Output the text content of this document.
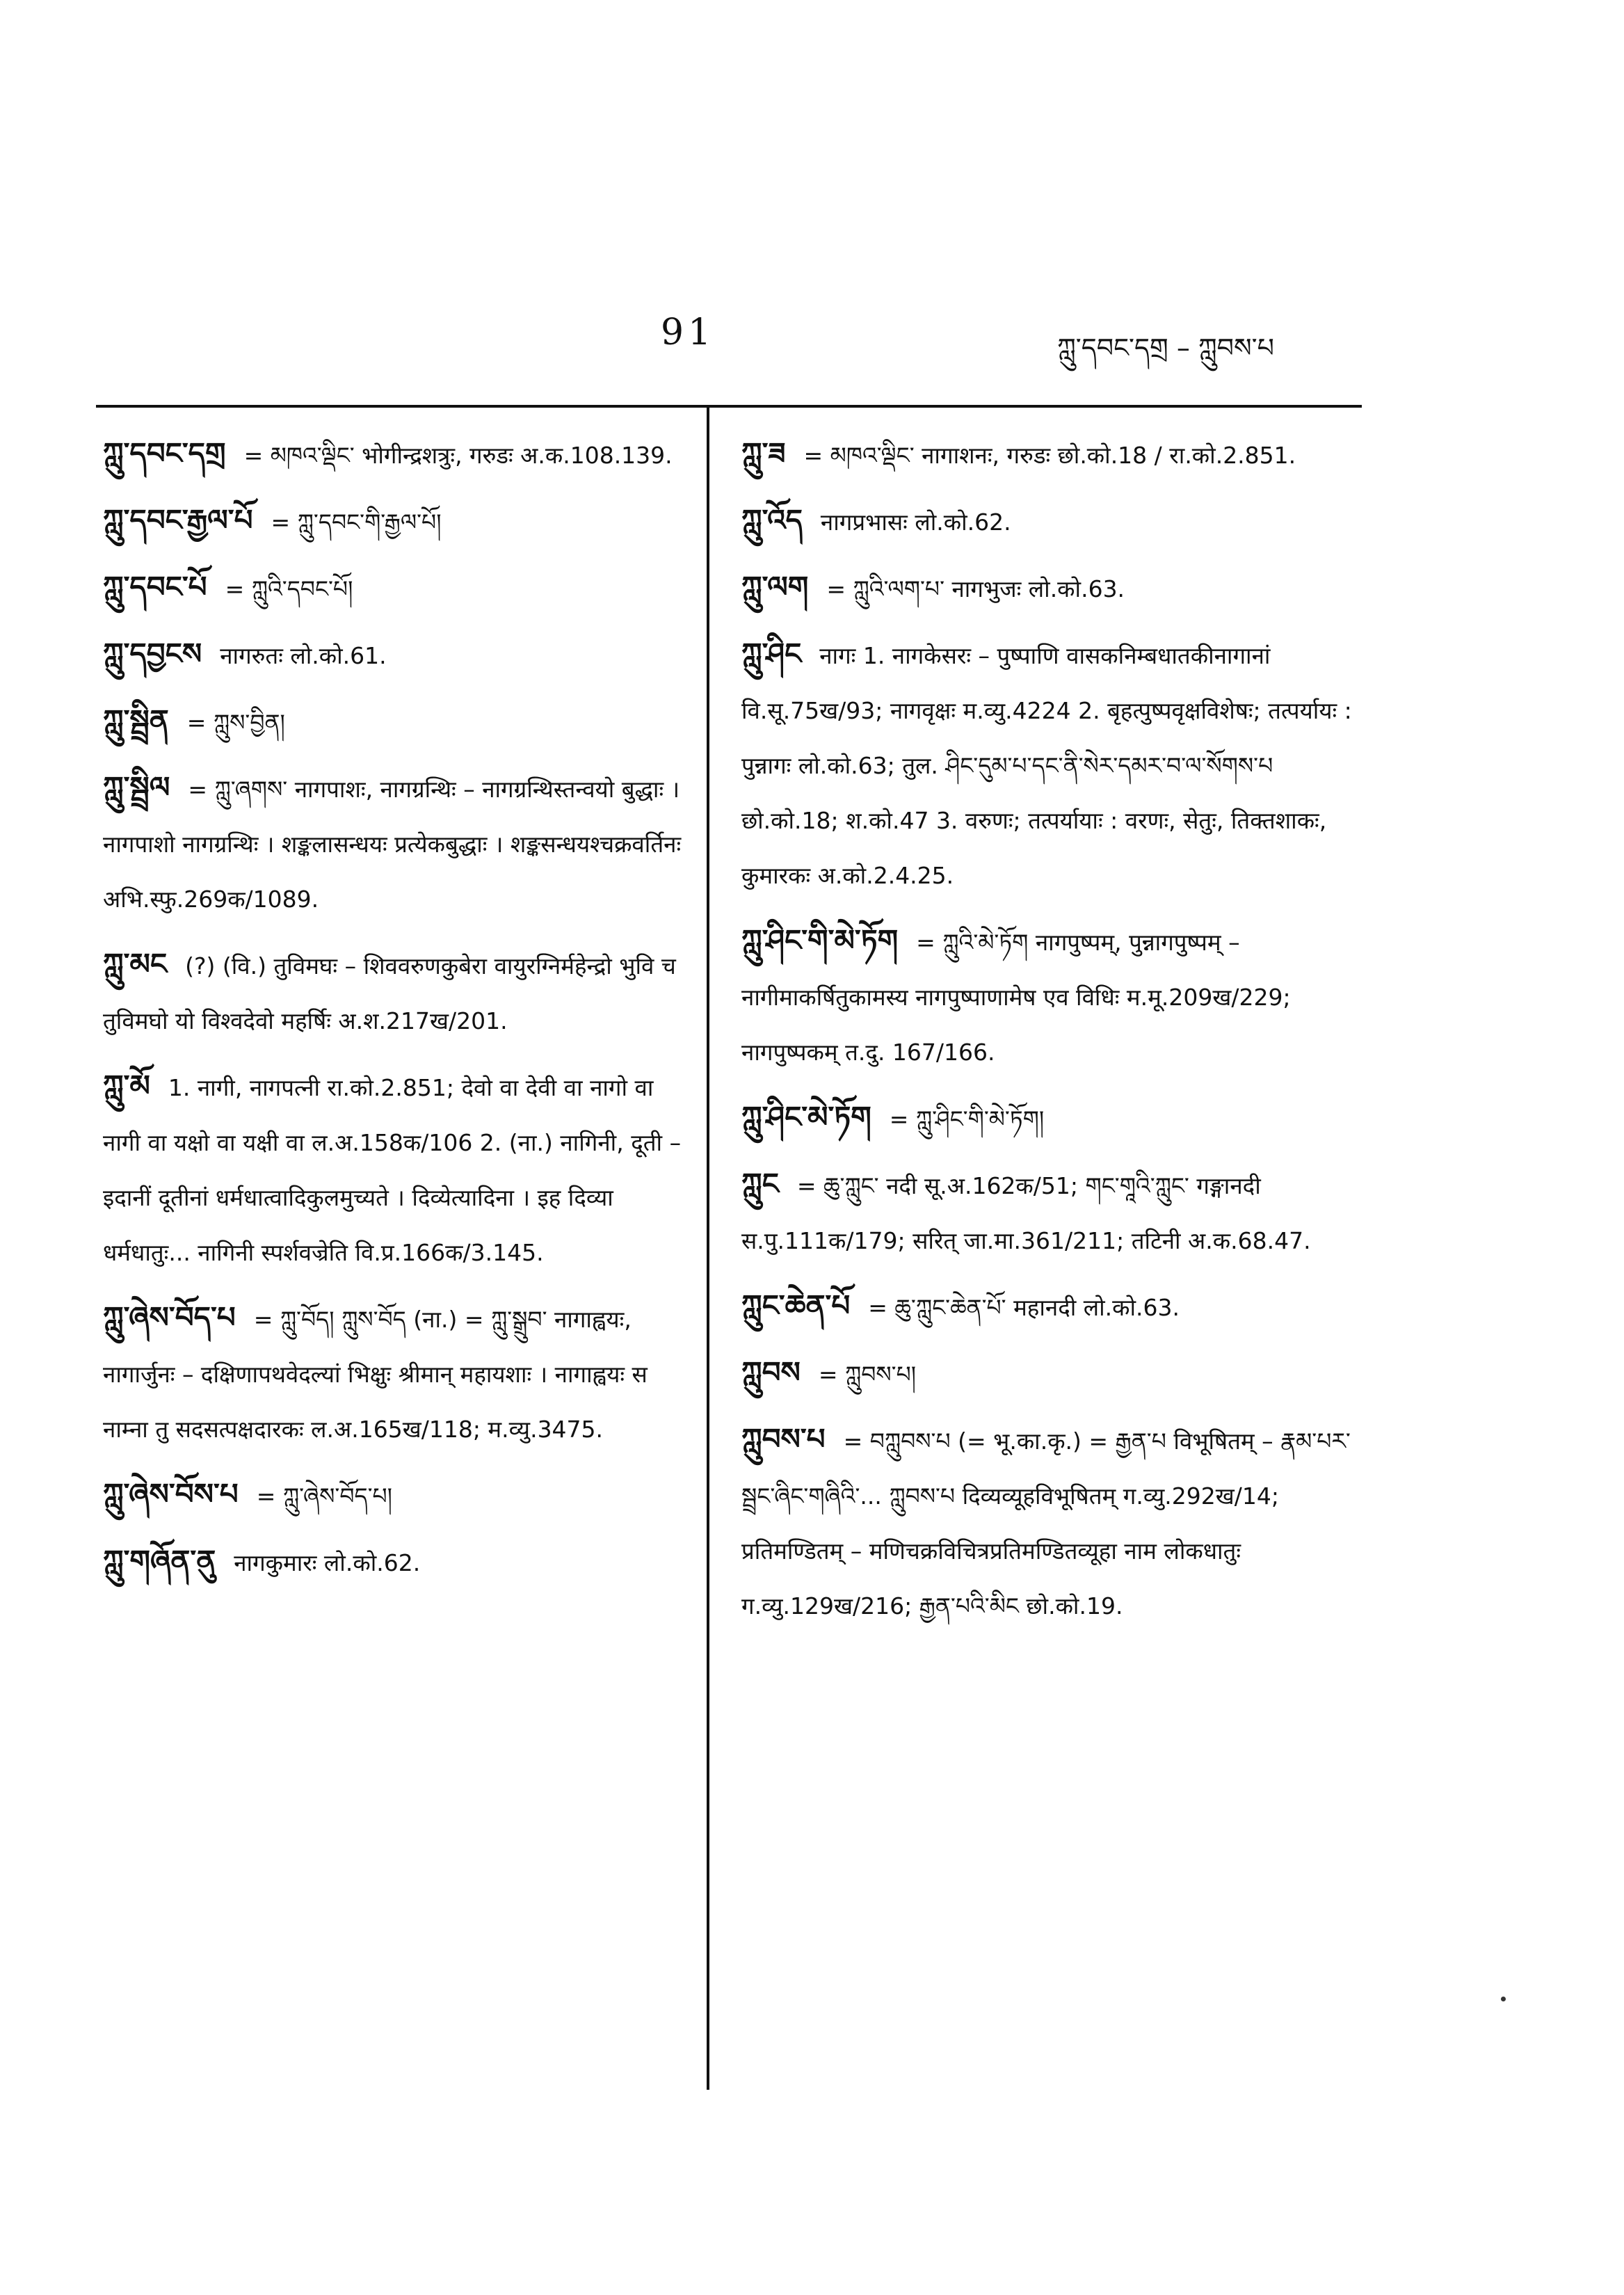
91	ཀླུ་དབང་དགྲ – ཀླུབས་པ
ཀླུ་དབང་དགྲ = མཁའ་ལྡིང་ भोगीन्द्रशत्रुः, गरुडः अ.क.108.139.
ཀླུ་དབང་རྒྱལ་པོ = ཀླུ་དབང་གི་རྒྱལ་པོ།
ཀླུ་དབང་པོ = ཀླུའི་དབང་པོ།
ཀླུ་དབྱངས नागरुतः लो.को.61.
ཀླུ་སྦྲིན = ཀླུས་བྱིན།
ཀླུ་སྦྲིལ = ཀླུ་ཞགས་ नागपाशः, नागग्रन्थिः – नागग्रन्थिस्तन्वयो बुद्धाः । नागपाशो नागग्रन्थिः । शङ्कलासन्धयः प्रत्येकबुद्धाः । शङ्कसन्धयश्चक्रवर्तिनः अभि.स्फु.269क/1089.
ཀླུ་མང (?) (वि.) तुविमघः – शिववरुणकुबेरा वायुरग्निर्महेन्द्रो भुवि च तुविमघो यो विश्वदेवो महर्षिः अ.श.217ख/201.
ཀླུ་མོ 1. नागी, नागपत्नी रा.को.2.851; देवो वा देवी वा नागो वा नागी वा यक्षो वा यक्षी वा ल.अ.158क/106 2. (ना.) नागिनी, दूती – इदानीं दूतीनां धर्मधात्वादिकुलमुच्यते । दिव्येत्यादिना । इह दिव्या धर्मधातुः... नागिनी स्पर्शवज्रेति वि.प्र.166क/3.145.
ཀླུ་ཞེས་བོད་པ = ཀླུ་བོད། ཀླུས་བོད (ना.) = ཀླུ་སྒྲུབ་ नागाह्वयः, नागार्जुनः – दक्षिणापथवेदल्यां भिक्षुः श्रीमान् महायशाः । नागाह्वयः स नाम्ना तु सदसत्पक्षदारकः ल.अ.165ख/118; म.व्यु.3475.
ཀླུ་ཞེས་བོས་པ = ཀླུ་ཞེས་བོད་པ།
ཀླུ་གཞོན་ནུ नागकुमारः लो.को.62.
ཀླུ་ཟ = མཁའ་ལྡིང་ नागाशनः, गरुडः छो.को.18 / रा.को.2.851.
ཀླུ་འོད नागप्रभासः लो.को.62.
ཀླུ་ལག = ཀླུའི་ལག་པ་ नागभुजः लो.को.63.
ཀླུ་ཤིང नागः 1. नागकेसरः – पुष्पाणि वासकनिम्बधातकीनागानां वि.सू.75ख/93; नागवृक्षः म.व्यु.4224 2. बृहत्पुष्पवृक्षविशेषः; तत्पर्यायः : पुन्नागः लो.को.63; तुल. ཤིང་དུམ་པ་དང་ནི་སེར་དམར་བ་ལ་སོགས་པ छो.को.18; श.को.47 3. वरुणः; तत्पर्यायाः : वरणः, सेतुः, तिक्तशाकः, कुमारकः अ.को.2.4.25.
ཀླུ་ཤིང་གི་མེ་ཏོག = ཀླུའི་མེ་ཏོག नागपुष्पम्, पुन्नागपुष्पम् – नागीमाकर्षितुकामस्य नागपुष्पाणामेष एव विधिः म.मू.209ख/229; नागपुष्पकम् त.दु. 167/166.
ཀླུ་ཤིང་མེ་ཏོག = ཀླུ་ཤིང་གི་མེ་ཏོག།
ཀླུང = ཆུ་ཀླུང་ नदी सू.अ.162क/51; གང་གཱའི་ཀླུང་ गङ्गानदी स.पु.111क/179; सरित् जा.मा.361/211; तटिनी अ.क.68.47.
ཀླུང་ཆེན་པོ = ཆུ་ཀླུང་ཆེན་པོ་ महानदी लो.को.63.
ཀླུབས = ཀླུབས་པ།
ཀླུབས་པ = བཀླུབས་པ (= भू.का.कृ.) = རྒྱན་པ विभूषितम् – རྣམ་པར་སྦྲང་ཞིང་གཞིའི་... ཀླུབས་པ दिव्यव्यूहविभूषितम् ग.व्यु.292ख/14; प्रतिमण्डितम् – मणिचक्रविचित्रप्रतिमण्डितव्यूहा नाम लोकधातुः ग.व्यु.129ख/216; རྒྱན་པའི་མིང छो.को.19.
